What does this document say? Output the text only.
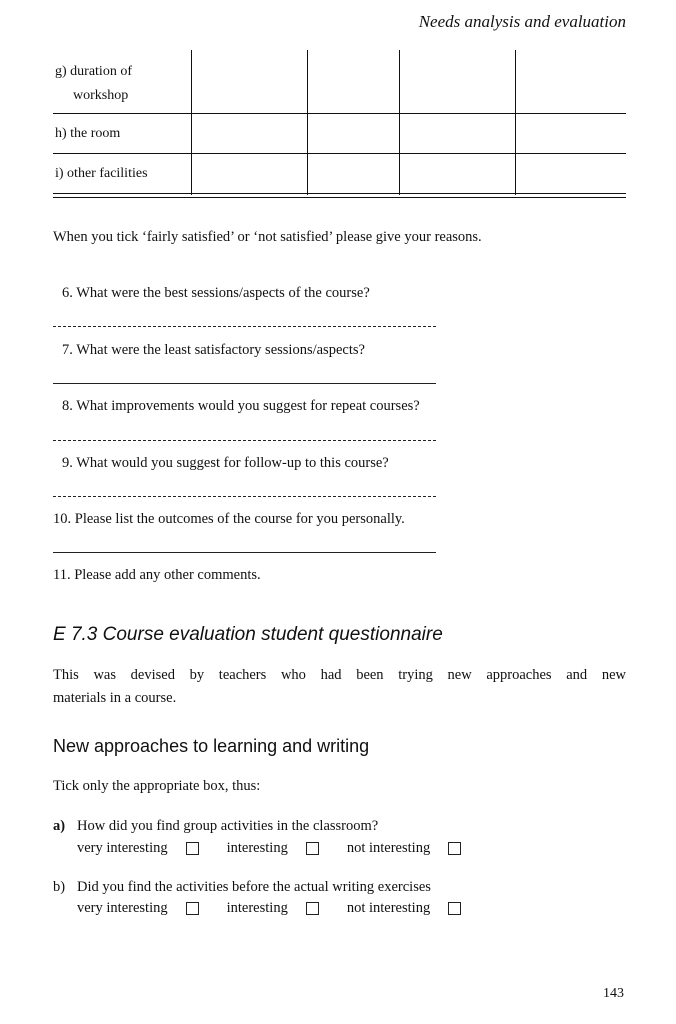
Needs analysis and evaluation
g) duration of
workshop
h) the room
i) other facilities
When you tick ‘fairly satisfied’ or ‘not satisfied’ please give your reasons.
6. What were the best sessions/aspects of the course?
7. What were the least satisfactory sessions/aspects?
8. What improvements would you suggest for repeat courses?
9. What would you suggest for follow-up to this course?
10. Please list the outcomes of the course for you personally.
11. Please add any other comments.
E 7.3 Course evaluation student questionnaire
This was devised by teachers who had been trying new approaches and new
materials in a course.
New approaches to learning and writing
Tick only the appropriate box, thus:
a) How did you find group activities in the classroom?
very interesting	interesting	not interesting
b) Did you find the activities before the actual writing exercises
very interesting	interesting	not interesting
143
